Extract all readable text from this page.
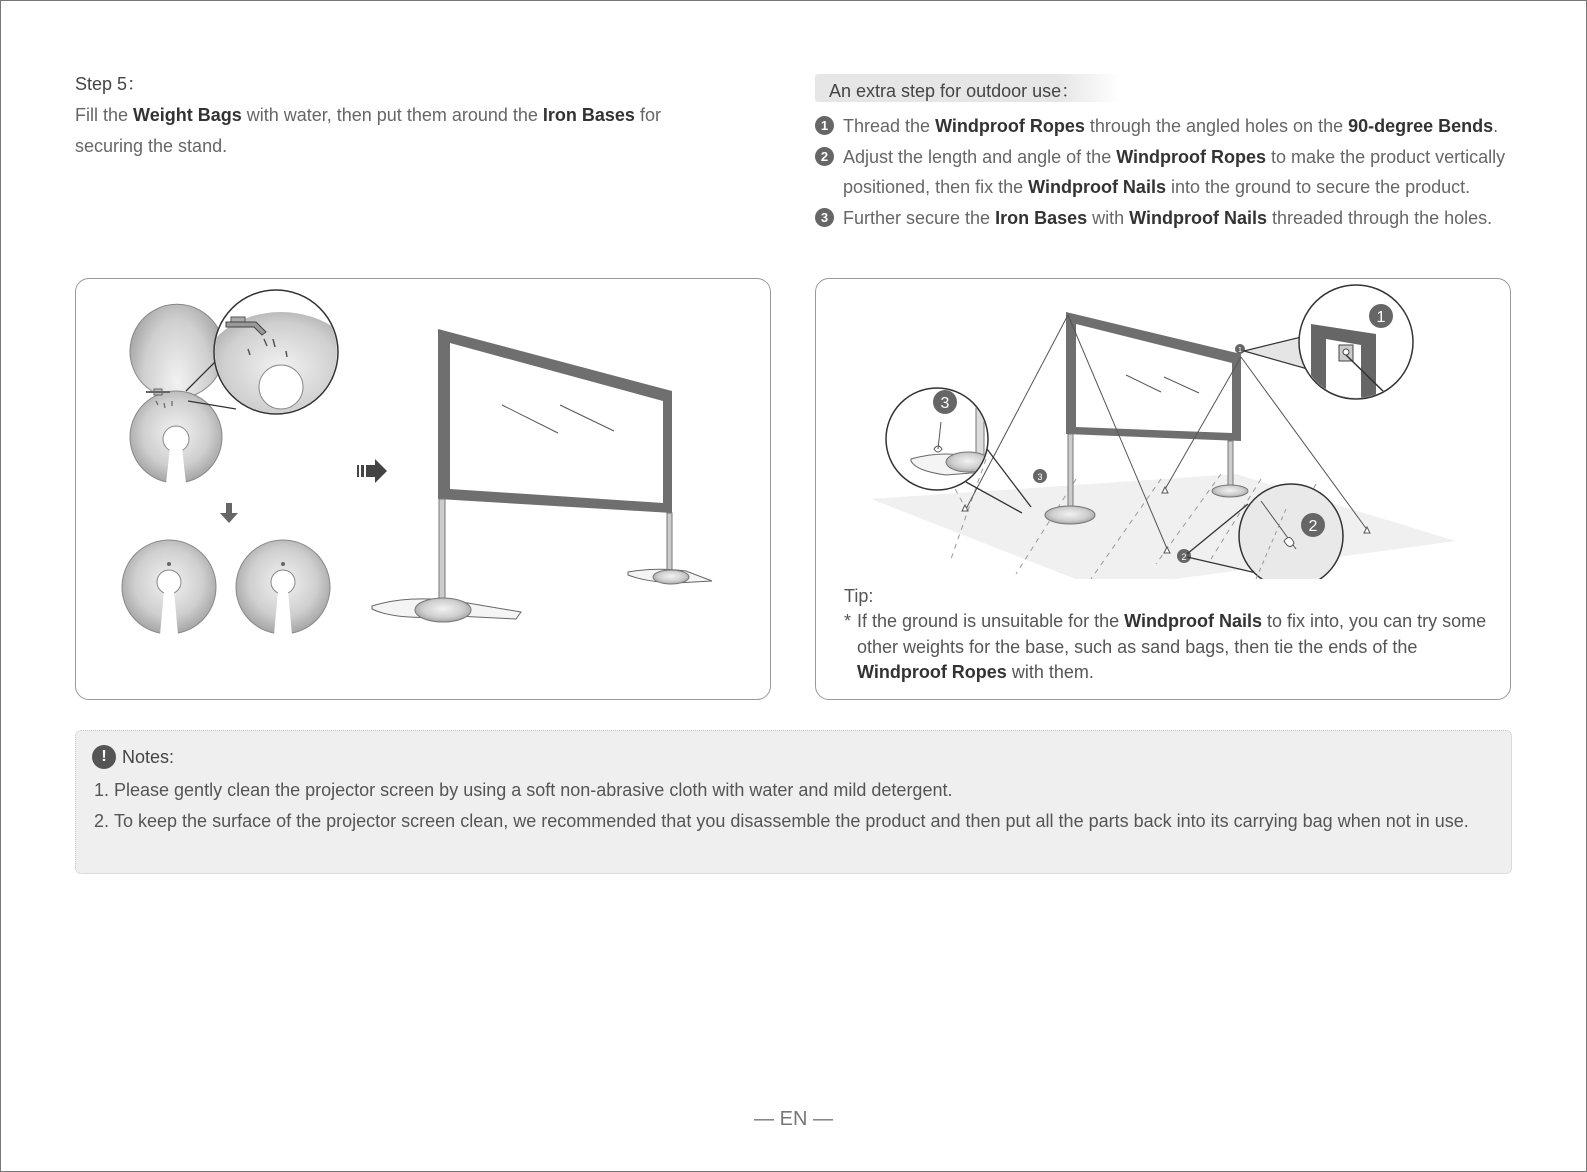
Step 5：

Fill the Weight Bags with water, then put them around the Iron Bases for securing the stand.

An extra step for outdoor use：
1 Thread the Windproof Ropes through the angled holes on the 90-degree Bends.
2 Adjust the length and angle of the Windproof Ropes to make the product vertically positioned, then fix the Windproof Nails into the ground to secure the product.
3 Further secure the Iron Bases with Windproof Nails threaded through the holes.
1
2
3
1
2
3
Tip:
* If the ground is unsuitable for the Windproof Nails to fix into, you can try some other weights for the base, such as sand bags, then tie the ends of the Windproof Ropes with them.
! Notes:
1. Please gently clean the projector screen by using a soft non-abrasive cloth with water and mild detergent.
2. To keep the surface of the projector screen clean, we recommended that you disassemble the product and then put all the parts back into its carrying bag when not in use.
— EN —
